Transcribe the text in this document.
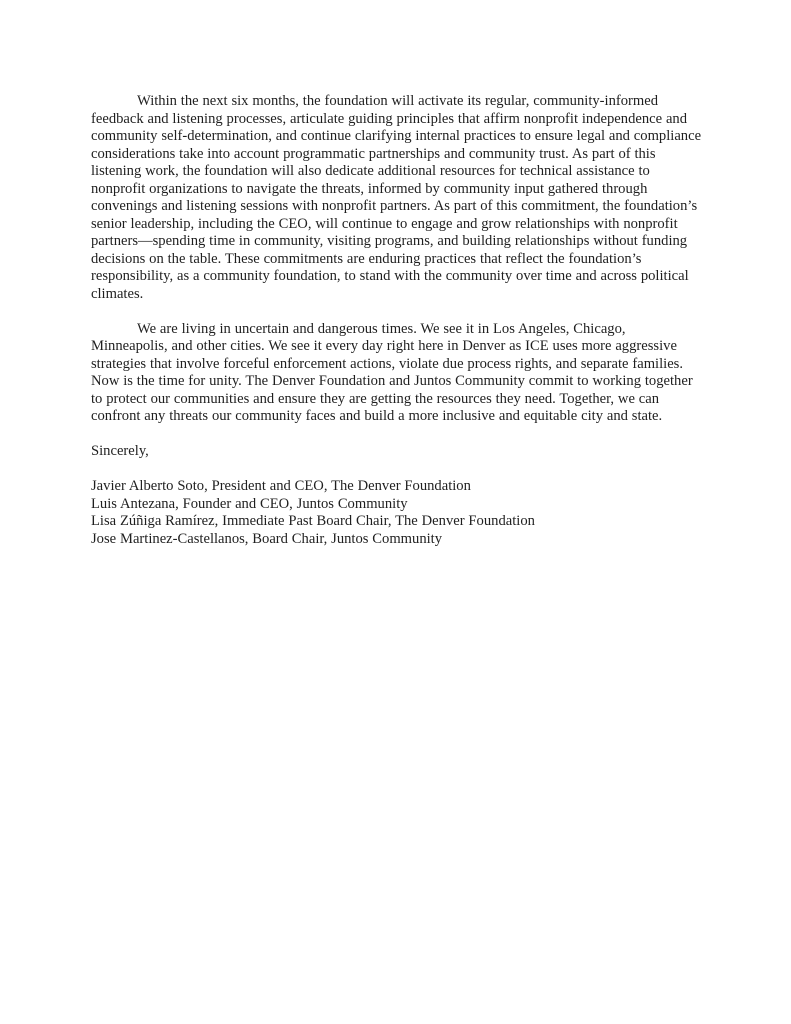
Within the next six months, the foundation will activate its regular, community-informed feedback and listening processes, articulate guiding principles that affirm nonprofit independence and community self-determination, and continue clarifying internal practices to ensure legal and compliance considerations take into account programmatic partnerships and community trust. As part of this listening work, the foundation will also dedicate additional resources for technical assistance to nonprofit organizations to navigate the threats, informed by community input gathered through convenings and listening sessions with nonprofit partners. As part of this commitment, the foundation’s senior leadership, including the CEO, will continue to engage and grow relationships with nonprofit partners—spending time in community, visiting programs, and building relationships without funding decisions on the table. These commitments are enduring practices that reflect the foundation’s responsibility, as a community foundation, to stand with the community over time and across political climates.

We are living in uncertain and dangerous times. We see it in Los Angeles, Chicago, Minneapolis, and other cities. We see it every day right here in Denver as ICE uses more aggressive strategies that involve forceful enforcement actions, violate due process rights, and separate families. Now is the time for unity. The Denver Foundation and Juntos Community commit to working together to protect our communities and ensure they are getting the resources they need. Together, we can confront any threats our community faces and build a more inclusive and equitable city and state.

Sincerely,

Javier Alberto Soto, President and CEO, The Denver Foundation

Luis Antezana, Founder and CEO, Juntos Community

Lisa Zúñiga Ramírez, Immediate Past Board Chair, The Denver Foundation

Jose Martinez-Castellanos, Board Chair, Juntos Community
